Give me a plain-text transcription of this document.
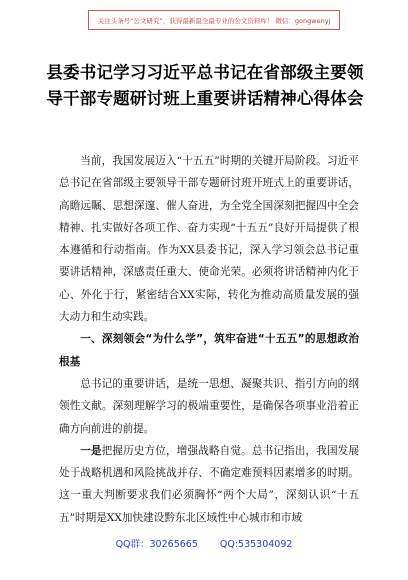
关注头条号“公文研究”，获得最新最全最专业的公文资料库！ 微信：gongwenyj
县委书记学习习近平总书记在省部级主要领导干部专题研讨班上重要讲话精神心得体会

当前，我国发展迈入“十五五”时期的关键开局阶段。习近平总书记在省部级主要领导干部专题研讨班开班式上的重要讲话，高瞻远瞩、思想深邃、催人奋进，为全党全国深刻把握四中全会精神、扎实做好各项工作、奋力实现“十五五”良好开局提供了根本遵循和行动指南。作为XX县委书记，深入学习领会总书记重要讲话精神，深感责任重大、使命光荣。必须将讲话精神内化于心、外化于行，紧密结合XX实际，转化为推动高质量发展的强大动力和生动实践。

一、深刻领会“为什么学”，筑牢奋进“十五五”的思想政治根基

总书记的重要讲话，是统一思想、凝聚共识、指引方向的纲领性文献。深刻理解学习的极端重要性，是确保各项事业沿着正确方向前进的前提。

一是把握历史方位，增强战略自觉。总书记指出，我国发展处于战略机遇和风险挑战并存、不确定难预料因素增多的时期。这一重大判断要求我们必须胸怀“两个大局”，深刻认识“十五五”时期是XX加快建设黔东北区域性中心城市和市域

QQ群：30265665 QQ:535304092
